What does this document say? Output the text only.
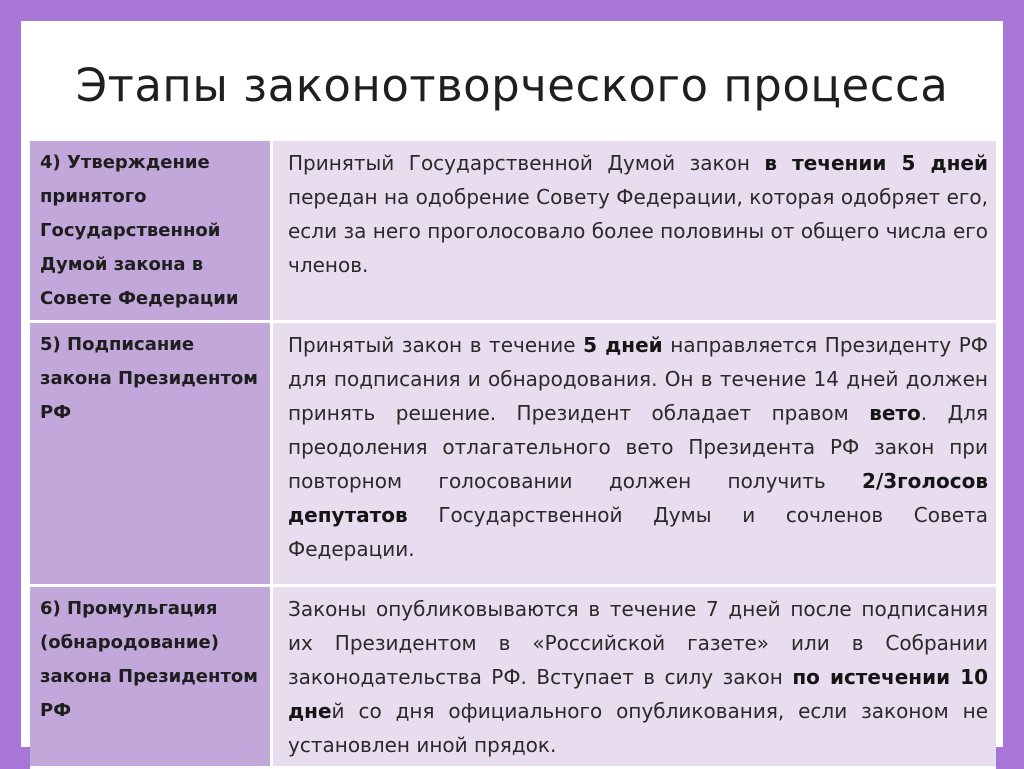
Этапы законотворческого процесса
4) Утверждение принятого Государственной Думой закона в Совете Федерации	Принятый Государственной Думой закон в течении 5 дней передан на одобрение Совету Федерации, которая одобряет его, если за него проголосовало более половины от общего числа его членов.
5) Подписание закона Президентом РФ	Принятый закон в течение 5 дней направляется Президенту РФ для подписания и обнародования. Он в течение 14 дней должен принять решение. Президент обладает правом вето. Для преодоления отлагательного вето Президента РФ закон при повторном голосовании должен получить 2/3голосов депутатов Государственной Думы и сочленов Совета Федерации.
6) Промульгация (обнародование) закона Президентом РФ	Законы опубликовываются в течение 7 дней после подписания их Президентом в «Российской газете» или в Собрании законодательства РФ. Вступает в силу закон по истечении 10 дней со дня официального опубликования, если законом не установлен иной прядок.
